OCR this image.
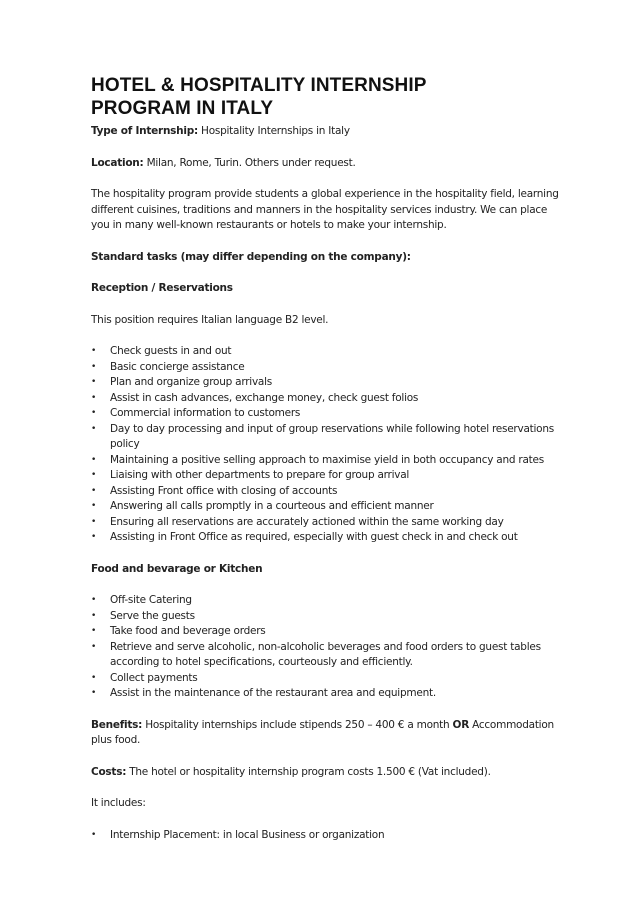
HOTEL & HOSPITALITY INTERNSHIP
PROGRAM IN ITALY

Type of Internship: Hospitality Internships in Italy

Location: Milan, Rome, Turin. Others under request.

The hospitality program provide students a global experience in the hospitality field, learning different cuisines, traditions and manners in the hospitality services industry. We can place you in many well-known restaurants or hotels to make your internship.

Standard tasks (may differ depending on the company):

Reception / Reservations

This position requires Italian language B2 level.

• Check guests in and out
• Basic concierge assistance
• Plan and organize group arrivals
• Assist in cash advances, exchange money, check guest folios
• Commercial information to customers
• Day to day processing and input of group reservations while following hotel reservations policy
• Maintaining a positive selling approach to maximise yield in both occupancy and rates
• Liaising with other departments to prepare for group arrival
• Assisting Front office with closing of accounts
• Answering all calls promptly in a courteous and efficient manner
• Ensuring all reservations are accurately actioned within the same working day
• Assisting in Front Office as required, especially with guest check in and check out

Food and bevarage or Kitchen

• Off-site Catering
• Serve the guests
• Take food and beverage orders
• Retrieve and serve alcoholic, non-alcoholic beverages and food orders to guest tables according to hotel specifications, courteously and efficiently.
• Collect payments
• Assist in the maintenance of the restaurant area and equipment.

Benefits: Hospitality internships include stipends 250 – 400 € a month OR Accommodation plus food.

Costs: The hotel or hospitality internship program costs 1.500 € (Vat included).

It includes:

• Internship Placement: in local Business or organization
